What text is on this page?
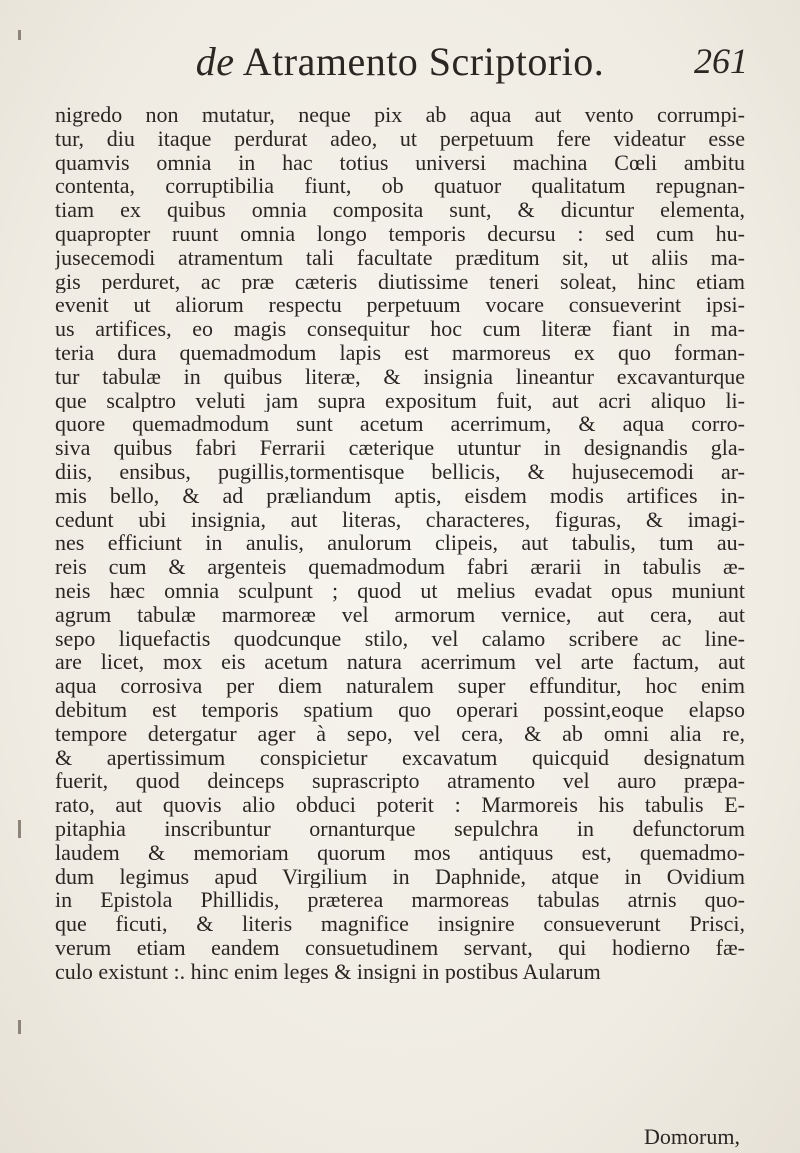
de Atramento Scriptorio.	261
nigredo non mutatur, neque pix ab aqua aut vento corrumpi-
tur, diu itaque perdurat adeo, ut perpetuum fere videatur esse
quamvis omnia in hac totius universi machina Cœli ambitu
contenta, corruptibilia fiunt, ob quatuor qualitatum repugnan-
tiam ex quibus omnia composita sunt, & dicuntur elementa,
quapropter ruunt omnia longo temporis decursu : sed cum hu-
jusecemodi atramentum tali facultate præditum sit, ut aliis ma-
gis perduret, ac præ cæteris diutissime teneri soleat, hinc etiam
evenit ut aliorum respectu perpetuum vocare consueverint ipsi-
us artifices, eo magis consequitur hoc cum literæ fiant in ma-
teria dura quemadmodum lapis est marmoreus ex quo forman-
tur tabulæ in quibus literæ, & insignia lineantur excavanturque
que scalptro veluti jam supra expositum fuit, aut acri aliquo li-
quore quemadmodum sunt acetum acerrimum, & aqua corro-
siva quibus fabri Ferrarii cæterique utuntur in designandis gla-
diis, ensibus, pugillis,tormentisque bellicis, & hujusecemodi ar-
mis bello, & ad præliandum aptis, eisdem modis artifices in-
cedunt ubi insignia, aut literas, characteres, figuras, & imagi-
nes efficiunt in anulis, anulorum clipeis, aut tabulis, tum au-
reis cum & argenteis quemadmodum fabri ærarii in tabulis æ-
neis hæc omnia sculpunt ; quod ut melius evadat opus muniunt
agrum tabulæ marmoreæ vel armorum vernice, aut cera, aut
sepo liquefactis quodcunque stilo, vel calamo scribere ac line-
are licet, mox eis acetum natura acerrimum vel arte factum, aut
aqua corrosiva per diem naturalem super effunditur, hoc enim
debitum est temporis spatium quo operari possint,eoque elapso
tempore detergatur ager à sepo, vel cera, & ab omni alia re,
& apertissimum conspicietur excavatum quicquid designatum
fuerit, quod deinceps suprascripto atramento vel auro præpa-
rato, aut quovis alio obduci poterit : Marmoreis his tabulis E-
pitaphia inscribuntur ornanturque sepulchra in defunctorum
laudem & memoriam quorum mos antiquus est, quemadmo-
dum legimus apud Virgilium in Daphnide, atque in Ovidium
in Epistola Phillidis, præterea marmoreas tabulas atrnis quo-
que ficuti, & literis magnifice insignire consueverunt Prisci,
verum etiam eandem consuetudinem servant, qui hodierno fæ-
culo existunt :. hinc enim leges & insigni in postibus Aularum
Domorum,
